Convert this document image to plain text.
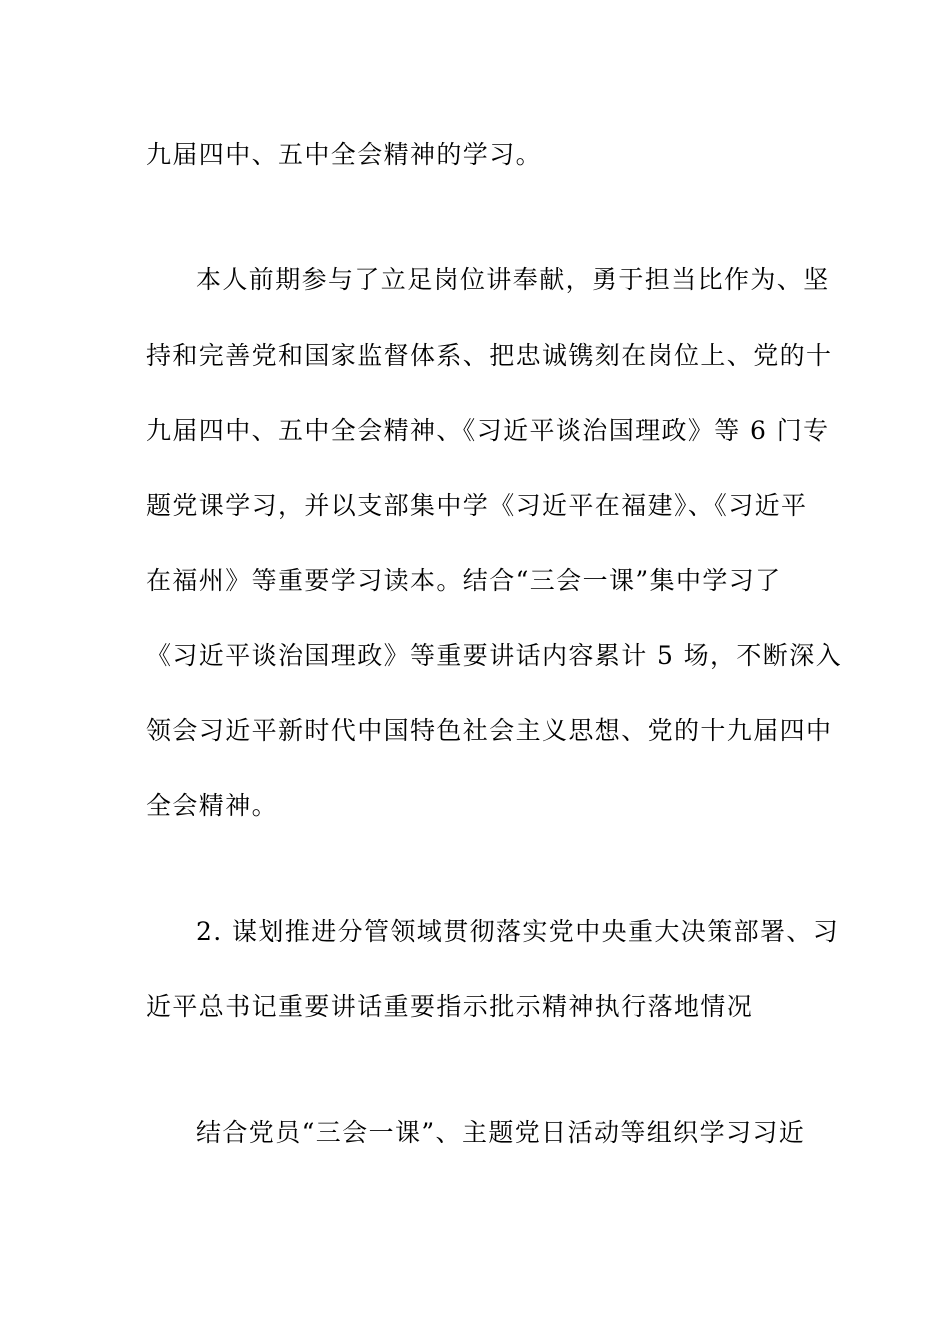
九届四中、五中全会精神的学习。
本人前期参与了立足岗位讲奉献，勇于担当比作为、坚
持和完善党和国家监督体系、把忠诚镌刻在岗位上、党的十
九届四中、五中全会精神、《习近平谈治国理政》等 6 门专
题党课学习，并以支部集中学《习近平在福建》、《习近平
在福州》等重要学习读本。结合“三会一课”集中学习了
《习近平谈治国理政》等重要讲话内容累计 5 场，不断深入
领会习近平新时代中国特色社会主义思想、党的十九届四中
全会精神。
2. 谋划推进分管领域贯彻落实党中央重大决策部署、习
近平总书记重要讲话重要指示批示精神执行落地情况
结合党员“三会一课”、主题党日活动等组织学习习近
